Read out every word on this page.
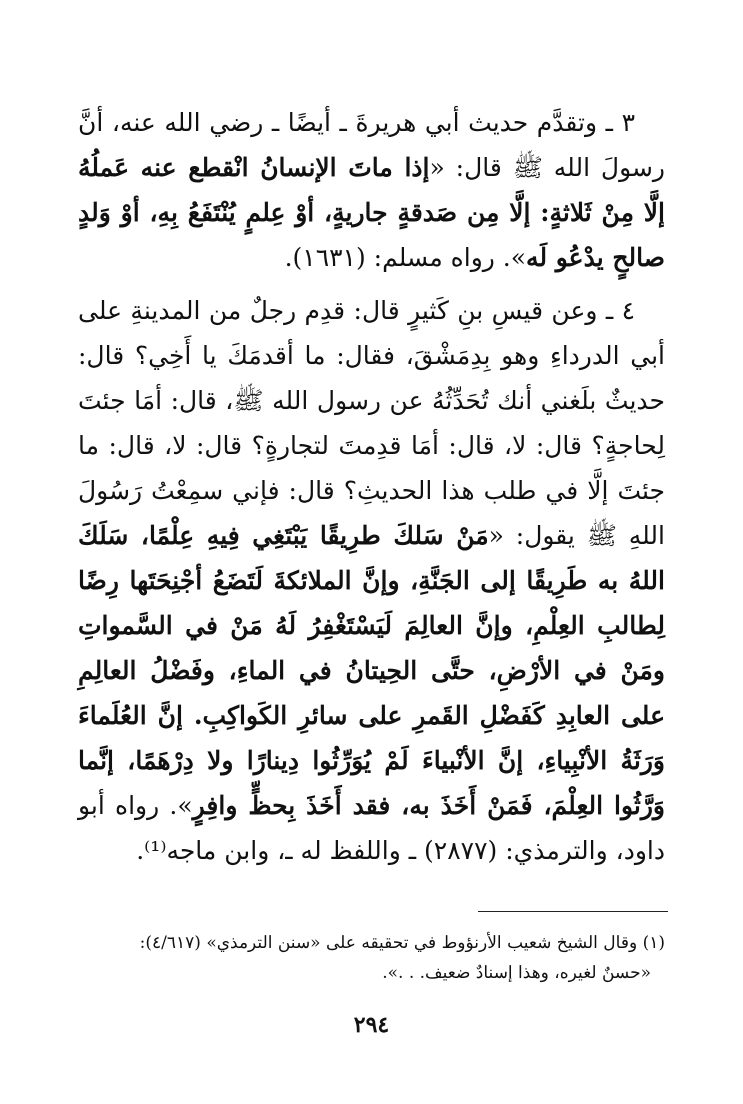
٣ ـ وتقدَّم حديث أبي هريرةَ ـ أيضًا ـ رضي الله عنه، أنَّ رسولَ الله ﷺ قال: «إذا ماتَ الإنسانُ انْقطع عنه عَملُهُ إلَّا مِنْ ثَلاثةٍ: إلَّا مِن صَدقةٍ جاريةٍ، أوْ عِلمٍ يُنْتَفَعُ بِهِ، أوْ وَلدٍ صالحٍ يدْعُو لَه». رواه مسلم: (١٦٣١).

٤ ـ وعن قيسِ بنِ كَثيرٍ قال: قدِم رجلٌ من المدينةِ على أبي الدرداءِ وهو بِدِمَشْقَ، فقال: ما أقدمَكَ يا أَخِي؟ قال: حديثٌ بلَغني أنك تُحَدِّثُهُ عن رسول الله ﷺ، قال: أمَا جئتَ لِحاجةٍ؟ قال: لا، قال: أمَا قدِمتَ لتجارةٍ؟ قال: لا، قال: ما جئتَ إلَّا في طلب هذا الحديثِ؟ قال: فإني سمِعْتُ رَسُولَ اللهِ ﷺ يقول: «مَنْ سَلكَ طرِيقًا يَبْتَغِي فِيهِ عِلْمًا، سَلَكَ اللهُ به طَرِيقًا إلى الجَنَّةِ، وإنَّ الملائكةَ لَتَضَعُ أجْنِحَتَها رِضًا لِطالبِ العِلْمِ، وإنَّ العالِمَ لَيَسْتَغْفِرُ لَهُ مَنْ في السَّمواتِ ومَنْ في الأرْضِ، حتَّى الحِيتانُ في الماءِ، وفَضْلُ العالِمِ على العابِدِ كَفَضْلِ القَمرِ على سائرِ الكَواكِبِ. إنَّ العُلَماءَ وَرَثَةُ الأنْبِياءِ، إنَّ الأنْبياءَ لَمْ يُوَرِّثُوا دِينارًا ولا دِرْهَمًا، إنَّما وَرَّثُوا العِلْمَ، فَمَنْ أَخَذَ به، فقد أَخَذَ بِحظٍّ وافِرٍ». رواه أبو داود، والترمذي: (٢٨٧٧) ـ واللفظ له ـ، وابن ماجه⁽¹⁾.

(١) وقال الشيخ شعيب الأرنؤوط في تحقيقه على «سنن الترمذي» (٤/٦١٧):

«حسنٌ لغيره، وهذا إسنادٌ ضعيف. . .».

٢٩٤
